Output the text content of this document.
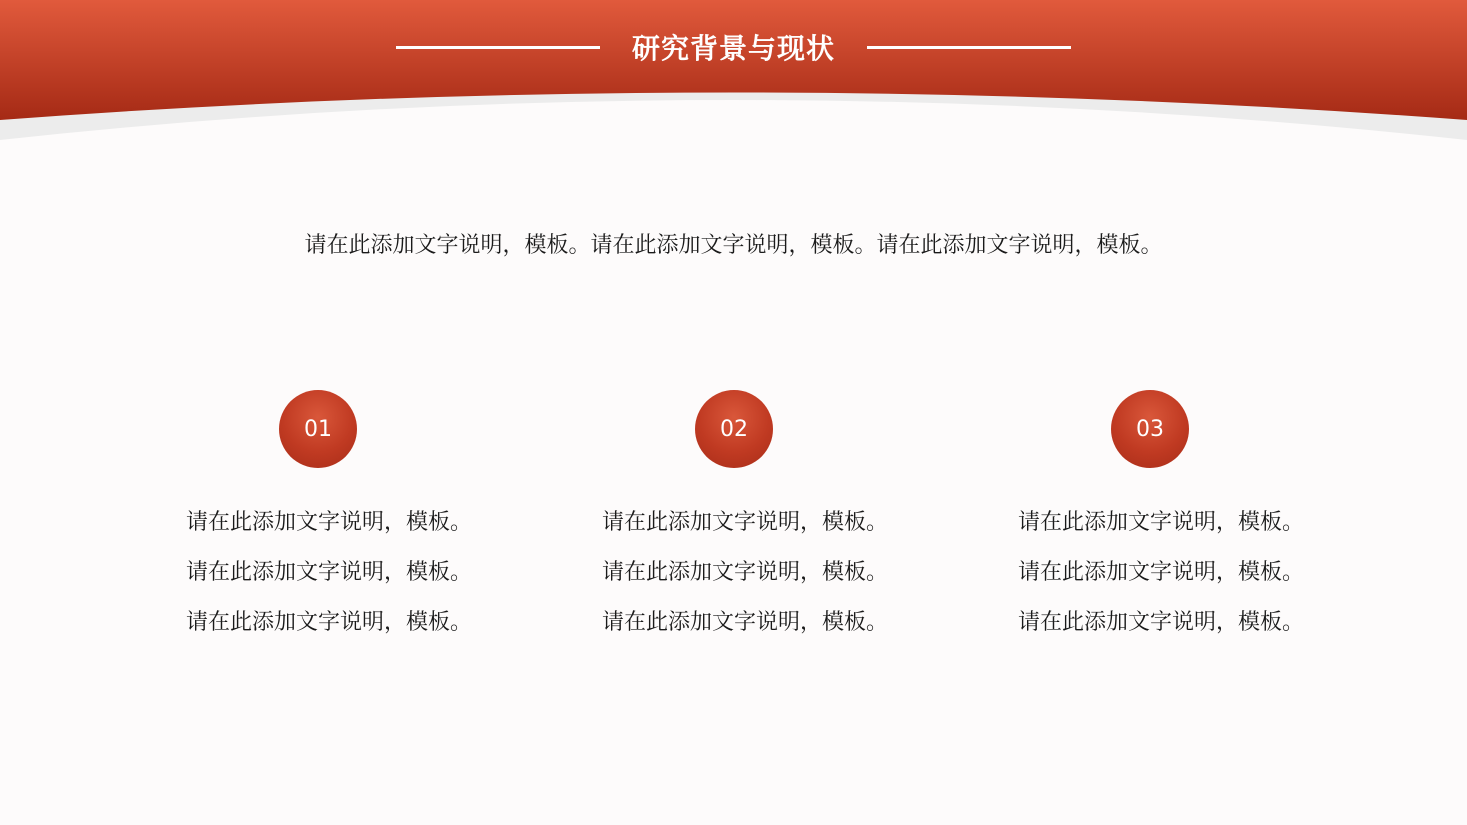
研究背景与现状
请在此添加文字说明，模板。请在此添加文字说明，模板。请在此添加文字说明，模板。
01
请在此添加文字说明，模板。请在此添加文字说明，模板。请在此添加文字说明，模板。
02
请在此添加文字说明，模板。请在此添加文字说明，模板。请在此添加文字说明，模板。
03
请在此添加文字说明，模板。请在此添加文字说明，模板。请在此添加文字说明，模板。
